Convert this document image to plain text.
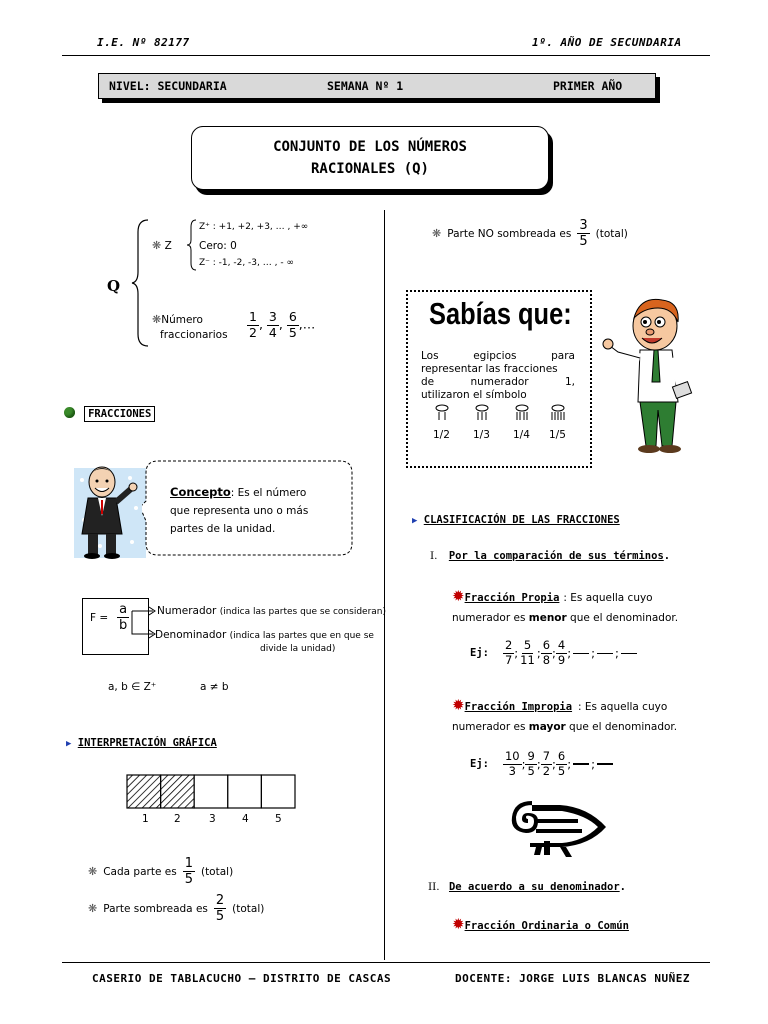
I.E. Nº 82177	1º. AÑO DE SECUNDARIA
NIVEL: SECUNDARIA	SEMANA Nº 1	PRIMER AÑO
CONJUNTO DE LOS NÚMEROS
RACIONALES (Q)
Q
❋ Z
Z⁺ : +1, +2, +3, … , +∞
Cero: 0
Z⁻ : -1, -2, -3, … , - ∞
❋Número
fraccionarios $\frac{1}{2}$ , $\frac{3}{4}$ , $\frac{6}{5}$ ,…
FRACCIONES
Concepto: Es el número
que representa uno o más
partes de la unidad.
$F = \frac{a}{b}$	Numerador (indica las partes que se consideran)
Denominador (indica las partes que en que se
divide la unidad)
a, b ∈ Z⁺	a ≠ b
▶ INTERPRETACIÓN GRÁFICA
1 2	3	4	5
❋ Cada parte es $\frac{1}{5}$ (total)
❋ Parte sombreada es $\frac{2}{5}$ (total)
❋ Parte NO sombreada es $\frac{3}{5}$ (total)
Sabías que:
Los egipcios para
representar las fracciones
de numerador 1,
utilizaron el símbolo
1/2 1/3 1/4 1/5
▶ CLASIFICACIÓN DE LAS FRACCIONES
I. Por la comparación de sus términos.
✹Fracción Propia : Es aquella cuyo
numerador es menor que el denominador.
Ej: $\frac{2}{7}$ ; $\frac{5}{11}$ ; $\frac{6}{8}$ ; $\frac{4}{9}$ ;
;
;
✹Fracción Impropia : Es aquella cuyo
numerador es mayor que el denominador.
Ej: $\frac{10}{3}$ ; $\frac{9}{5}$ ; $\frac{7}{2}$ ; $\frac{6}{5}$ ;
;
II. De acuerdo a su denominador.
✹Fracción Ordinaria o Común
CASERIO DE TABLACUCHO – DISTRITO DE CASCAS	DOCENTE: JORGE LUIS BLANCAS NUÑEZ
